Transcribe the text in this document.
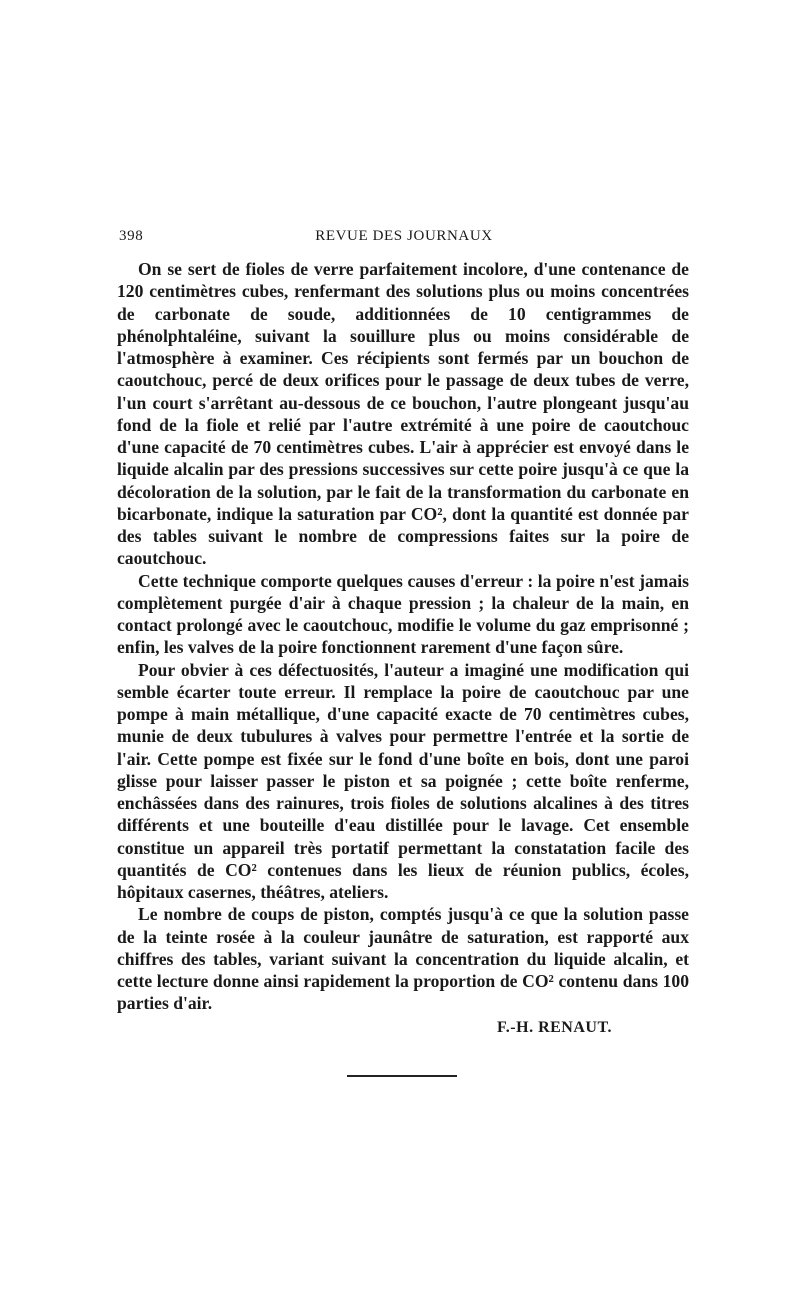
398	REVUE DES JOURNAUX

On se sert de fioles de verre parfaitement incolore, d'une contenance de 120 centimètres cubes, renfermant des solutions plus ou moins concentrées de carbonate de soude, additionnées de 10 centigrammes de phénolphtaléine, suivant la souillure plus ou moins considérable de l'atmosphère à examiner. Ces récipients sont fermés par un bouchon de caoutchouc, percé de deux orifices pour le passage de deux tubes de verre, l'un court s'arrêtant au-dessous de ce bouchon, l'autre plongeant jusqu'au fond de la fiole et relié par l'autre extrémité à une poire de caoutchouc d'une capacité de 70 centimètres cubes. L'air à apprécier est envoyé dans le liquide alcalin par des pressions successives sur cette poire jusqu'à ce que la décoloration de la solution, par le fait de la transformation du carbonate en bicarbonate, indique la saturation par CO², dont la quantité est donnée par des tables suivant le nombre de compressions faites sur la poire de caoutchouc.

Cette technique comporte quelques causes d'erreur : la poire n'est jamais complètement purgée d'air à chaque pression ; la chaleur de la main, en contact prolongé avec le caoutchouc, modifie le volume du gaz emprisonné ; enfin, les valves de la poire fonctionnent rarement d'une façon sûre.

Pour obvier à ces défectuosités, l'auteur a imaginé une modification qui semble écarter toute erreur. Il remplace la poire de caoutchouc par une pompe à main métallique, d'une capacité exacte de 70 centimètres cubes, munie de deux tubulures à valves pour permettre l'entrée et la sortie de l'air. Cette pompe est fixée sur le fond d'une boîte en bois, dont une paroi glisse pour laisser passer le piston et sa poignée ; cette boîte renferme, enchâssées dans des rainures, trois fioles de solutions alcalines à des titres différents et une bouteille d'eau distillée pour le lavage. Cet ensemble constitue un appareil très portatif permettant la constatation facile des quantités de CO² contenues dans les lieux de réunion publics, écoles, hôpitaux casernes, théâtres, ateliers.

Le nombre de coups de piston, comptés jusqu'à ce que la solution passe de la teinte rosée à la couleur jaunâtre de saturation, est rapporté aux chiffres des tables, variant suivant la concentration du liquide alcalin, et cette lecture donne ainsi rapidement la proportion de CO² contenu dans 100 parties d'air.

F.-H. RENAUT.
